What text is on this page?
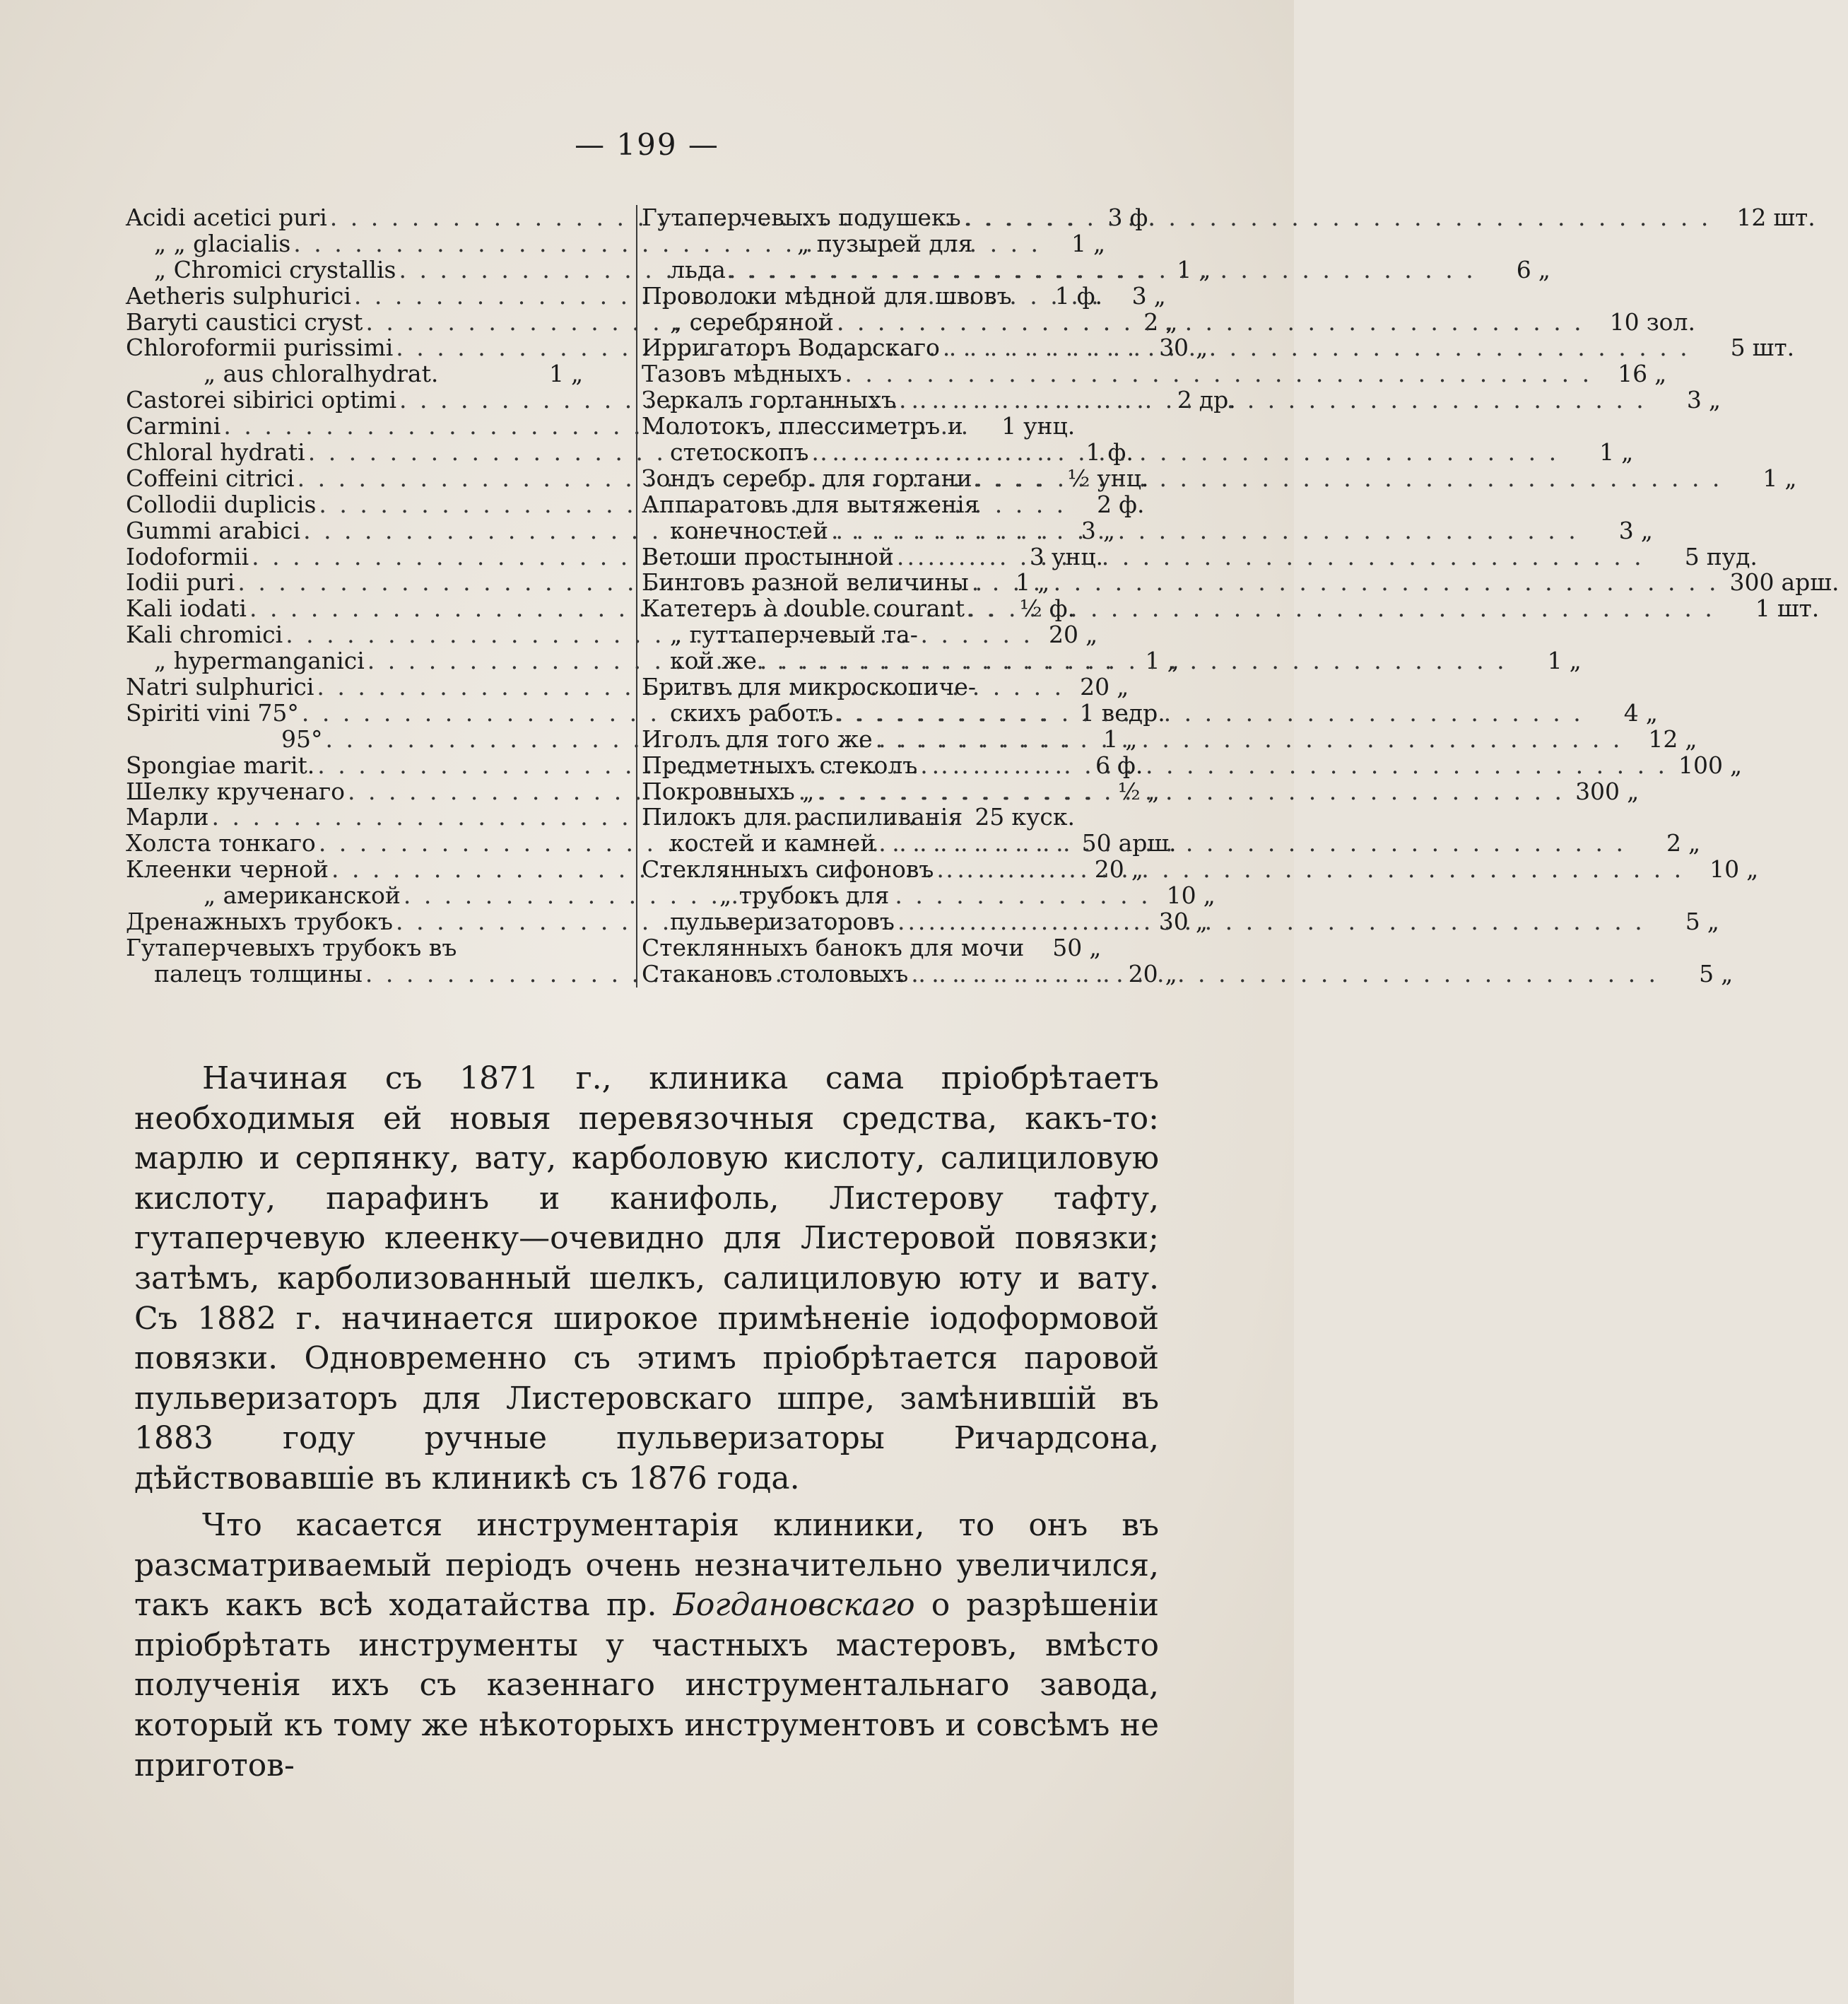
— 199 —
Acidi acetici puri . . .	3 ф.
„ „ glacialis . . .	1 „
„ Chromici crystallis . . .	1 „
Aetheris sulphurici . . .	3 „
Baryti caustici cryst . . .	2 „
Chloroformii purissimi . . .	30 „
„ aus chloralhydrat.	1 „
Castorei sibirici optimi . . .	2 др.
Carmini . . .	1 унц.
Chloral hydrati . . .	1 ф.
Coffeini citrici . . .	½ унц.
Collodii duplicis . . .	2 ф.
Gummi arabici . . .	3 „
Iodoformii . . .	3 унц.
Iodii puri . . .	1 „
Kali iodati . . .	½ ф.
Kali chromici . . .	20 „
„ hypermanganici . . .	1 „
Natri sulphurici . . .	20 „
Spiriti vini 75° . . .	1 ведр.
95° . . .	1 „
Spongiae marit. . . .	6 ф.
Шелку крученаго . . .	½ „
Марли . . .	25 куск.
Холста тонкаго . . .	50 арш.
Клеенки черной . . .	20 „
„ американской . . .	10 „
Дренажныхъ трубокъ . . .	30 „
Гутаперчевыхъ трубокъ въ
палецъ толщины . . .	20 „
Гутаперчевыхъ подушекъ . . .	12 шт.
„ пузырей для
льда . . .	6 „
Проволоки мѣдной для швовъ	1 ф.
„ серебряной . . .	10 зол.
Ирригаторъ Водарскаго . . .	5 шт.
Тазовъ мѣдныхъ . . .	16 „
Зеркалъ гортанныхъ . . .	3 „
Молотокъ, плессиметръ и
стетоскопъ . . .	1 „
Зондъ серебр. для гортани . . .	1 „
Аппаратовъ для вытяженія
конечностей . . .	3 „
Ветоши простынной . . .	5 пуд.
Бинтовъ разной величины . . .	300 арш.
Катетеръ à double courant . . .	1 шт.
„ гуттаперчевый та-
кой же . . .	1 „
Бритвъ для микроскопиче-
скихъ работъ . . .	4 „
Иголъ для того же . . .	12 „
Предметныхъ стеколъ . . .	100 „
Покровныхъ „ . . .	300 „
Пилокъ для распиливанія
костей и камней . . .	2 „
Стеклянныхъ сифоновъ . . .	10 „
„ трубокъ для
пульверизаторовъ . . .	5 „
Стеклянныхъ банокъ для мочи	50 „
Стакановъ столовыхъ . . .	5 „

Начиная съ 1871 г., клиника сама пріобрѣтаетъ необходимыя ей новыя перевязочныя средства, какъ-то: марлю и серпянку, вату, карболовую кислоту, салициловую кислоту, парафинъ и канифоль, Листерову тафту, гутаперчевую клеенку—очевидно для Листеровой повязки; затѣмъ, карболизованный шелкъ, салициловую юту и вату. Съ 1882 г. начинается широкое примѣненіе іодоформовой повязки. Одновременно съ этимъ пріобрѣтается паровой пульверизаторъ для Листеровскаго шпре, замѣнившій въ 1883 году ручные пульверизаторы Ричардсона, дѣйствовавшіе въ клиникѣ съ 1876 года.

Что касается инструментарія клиники, то онъ въ разсматриваемый періодъ очень незначительно увеличился, такъ какъ всѣ ходатайства пр. Богдановскаго о разрѣшеніи пріобрѣтать инструменты у частныхъ мастеровъ, вмѣсто полученія ихъ съ казеннаго инструментальнаго завода, который къ тому же нѣкоторыхъ инструментовъ и совсѣмъ не приготов-
